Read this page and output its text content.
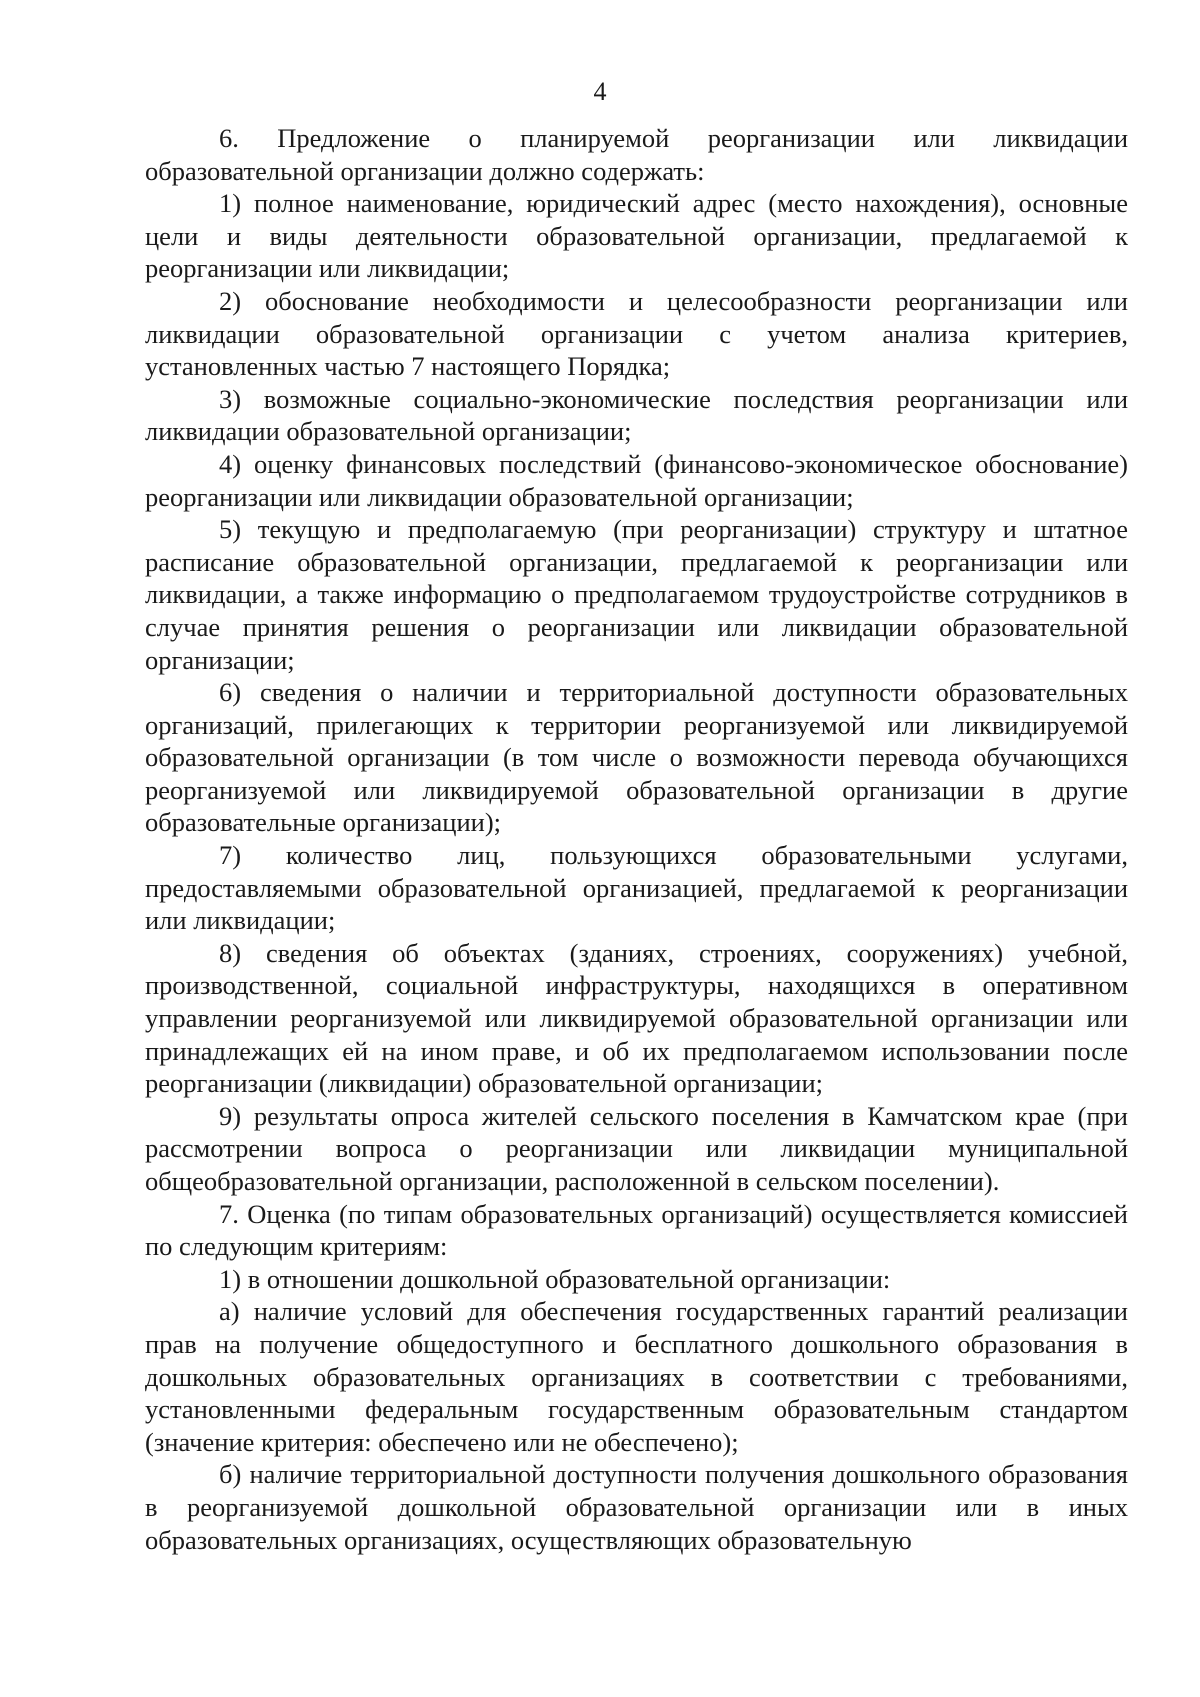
4

6. Предложение о планируемой реорганизации или ликвидации образовательной организации должно содержать:

1) полное наименование, юридический адрес (место нахождения), основные цели и виды деятельности образовательной организации, предлагаемой к реорганизации или ликвидации;

2) обоснование необходимости и целесообразности реорганизации или ликвидации образовательной организации с учетом анализа критериев, установленных частью 7 настоящего Порядка;

3) возможные социально-экономические последствия реорганизации или ликвидации образовательной организации;

4) оценку финансовых последствий (финансово-экономическое обоснование) реорганизации или ликвидации образовательной организации;

5) текущую и предполагаемую (при реорганизации) структуру и штатное расписание образовательной организации, предлагаемой к реорганизации или ликвидации, а также информацию о предполагаемом трудоустройстве сотрудников в случае принятия решения о реорганизации или ликвидации образовательной организации;

6) сведения о наличии и территориальной доступности образовательных организаций, прилегающих к территории реорганизуемой или ликвидируемой образовательной организации (в том числе о возможности перевода обучающихся реорганизуемой или ликвидируемой образовательной организации в другие образовательные организации);

7) количество лиц, пользующихся образовательными услугами, предоставляемыми образовательной организацией, предлагаемой к реорганизации или ликвидации;

8) сведения об объектах (зданиях, строениях, сооружениях) учебной, производственной, социальной инфраструктуры, находящихся в оперативном управлении реорганизуемой или ликвидируемой образовательной организации или принадлежащих ей на ином праве, и об их предполагаемом использовании после реорганизации (ликвидации) образовательной организации;

9) результаты опроса жителей сельского поселения в Камчатском крае (при рассмотрении вопроса о реорганизации или ликвидации муниципальной общеобразовательной организации, расположенной в сельском поселении).

7. Оценка (по типам образовательных организаций) осуществляется комиссией по следующим критериям:

1) в отношении дошкольной образовательной организации:

а) наличие условий для обеспечения государственных гарантий реализации прав на получение общедоступного и бесплатного дошкольного образования в дошкольных образовательных организациях в соответствии с требованиями, установленными федеральным государственным образовательным стандартом (значение критерия: обеспечено или не обеспечено);

б) наличие территориальной доступности получения дошкольного образования в реорганизуемой дошкольной образовательной организации или в иных образовательных организациях, осуществляющих образовательную
